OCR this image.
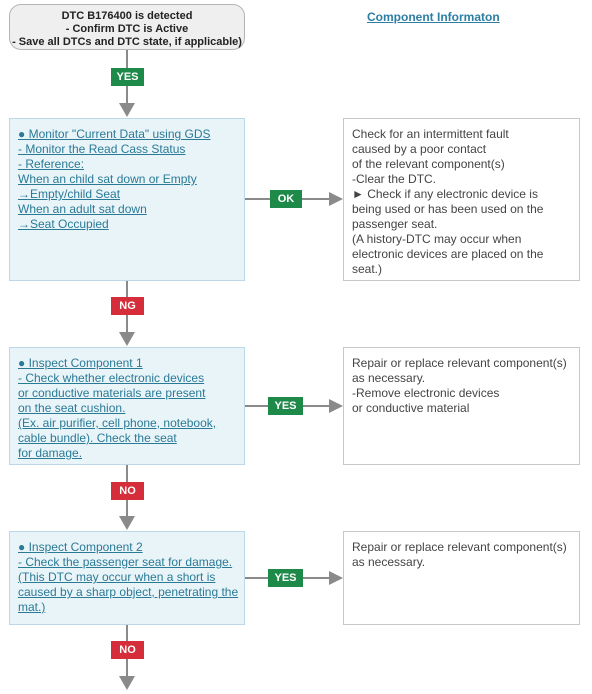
DTC B176400 is detected
- Confirm DTC is Active
- Save all DTCs and DTC state, if applicable)
Component Informaton
YES
● Monitor "Current Data" using GDS
- Monitor the Read Cass Status
- Reference:
When an child sat down or Empty
→Empty/child Seat
When an adult sat down
→Seat Occupied
OK
Check for an intermittent fault
caused by a poor contact
of the relevant component(s)
-Clear the DTC.
► Check if any electronic device is
being used or has been used on the
passenger seat.
(A history-DTC may occur when
electronic devices are placed on the
seat.)
NG
● Inspect Component 1
- Check whether electronic devices
or conductive materials are present
on the seat cushion.
(Ex. air purifier, cell phone, notebook,
cable bundle). Check the seat
for damage.
YES
Repair or replace relevant component(s)
as necessary.
-Remove electronic devices
or conductive material
NO
● Inspect Component 2
- Check the passenger seat for damage.
(This DTC may occur when a short is
caused by a sharp object, penetrating the
mat.)
YES
Repair or replace relevant component(s)
as necessary.
NO
